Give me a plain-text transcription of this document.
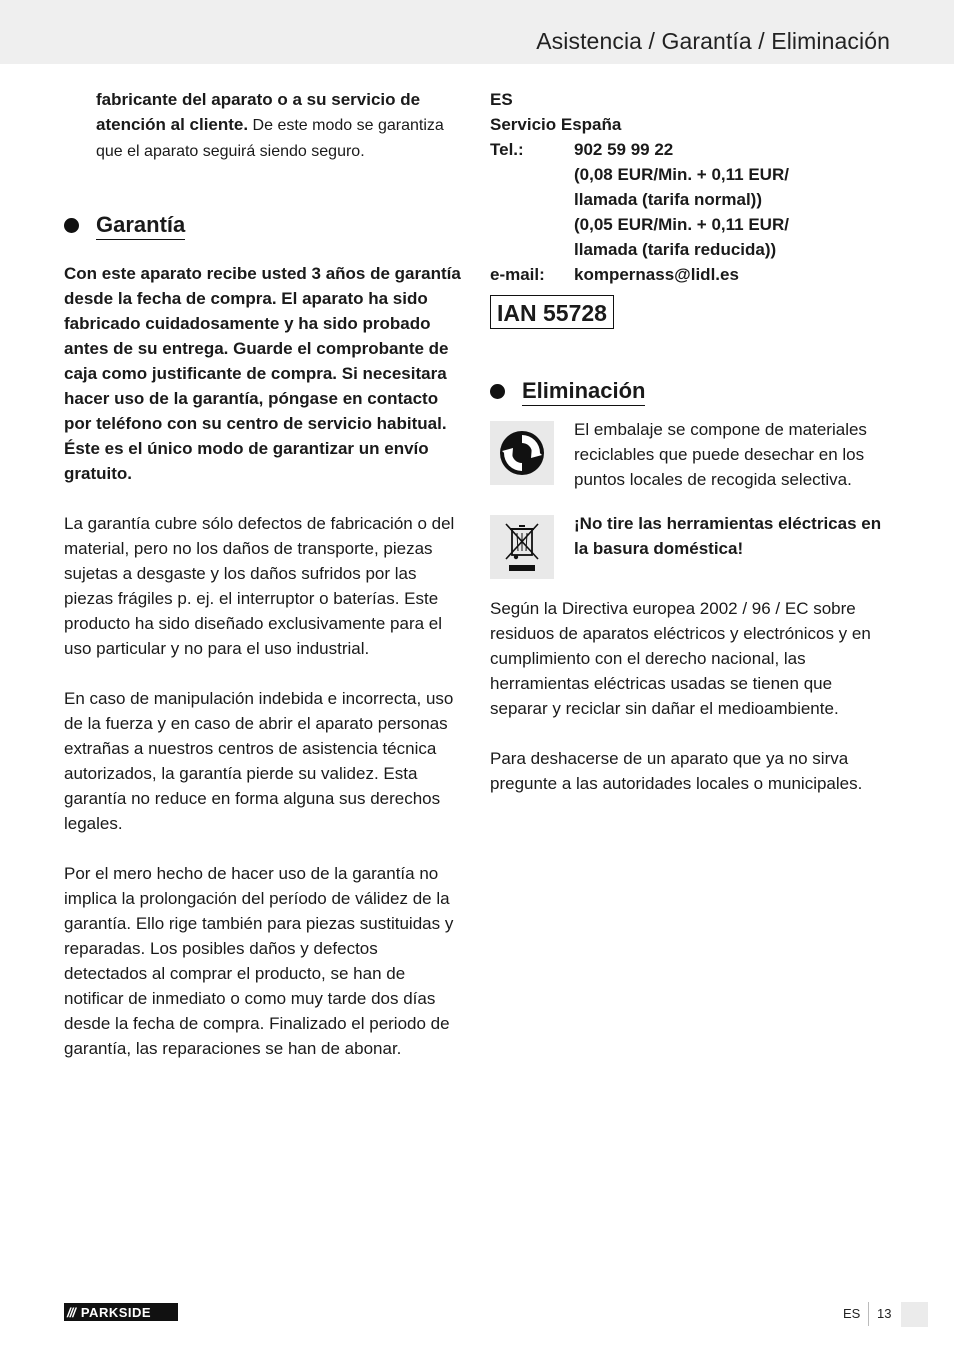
Asistencia / Garantía / Eliminación

fabricante del aparato o a su servicio de atención al cliente. De este modo se garantiza que el aparato seguirá siendo seguro.

Garantía

Con este aparato recibe usted 3 años de garantía desde la fecha de compra. El aparato ha sido fabricado cuidadosamente y ha sido probado antes de su entrega. Guarde el comprobante de caja como justificante de compra. Si necesitara hacer uso de la garantía, póngase en contacto por teléfono con su centro de servicio habitual. Éste es el único modo de garantizar un envío gratuito.

La garantía cubre sólo defectos de fabricación o del material, pero no los daños de transporte, piezas sujetas a desgaste y los daños sufridos por las piezas frágiles p. ej. el interruptor o baterías. Este producto ha sido diseñado exclusivamente para el uso particular y no para el uso industrial.

En caso de manipulación indebida e incorrecta, uso de la fuerza y en caso de abrir el aparato personas extrañas a nuestros centros de asistencia técnica autorizados, la garantía pierde su validez. Esta garantía no reduce en forma alguna sus derechos legales.

Por el mero hecho de hacer uso de la garantía no implica la prolongación del período de válidez de la garantía. Ello rige también para piezas sustituidas y reparadas. Los posibles daños y defectos detectados al comprar el producto, se han de notificar de inmediato o como muy tarde dos días desde la fecha de compra. Finalizado el periodo de garantía, las reparaciones se han de abonar.

ES

Servicio España

Tel.:	902 59 99 22
(0,08 EUR/Min. + 0,11 EUR/
llamada (tarifa normal))
(0,05 EUR/Min. + 0,11 EUR/
llamada (tarifa reducida))
e-mail:	kompernass@lidl.es
IAN 55728
Eliminación

El embalaje se compone de materiales reciclables que puede desechar en los puntos locales de recogida selectiva.

¡No tire las herramientas eléctricas en la basura doméstica!

Según la Directiva europea 2002 / 96 / EC sobre residuos de aparatos eléctricos y electrónicos y en cumplimiento con el derecho nacional, las herramientas eléctricas usadas se tienen que separar y reciclar sin dañar el medioambiente.

Para deshacerse de un aparato que ya no sirva pregunte a las autoridades locales o municipales.

/// PARKSIDE	ES 13
